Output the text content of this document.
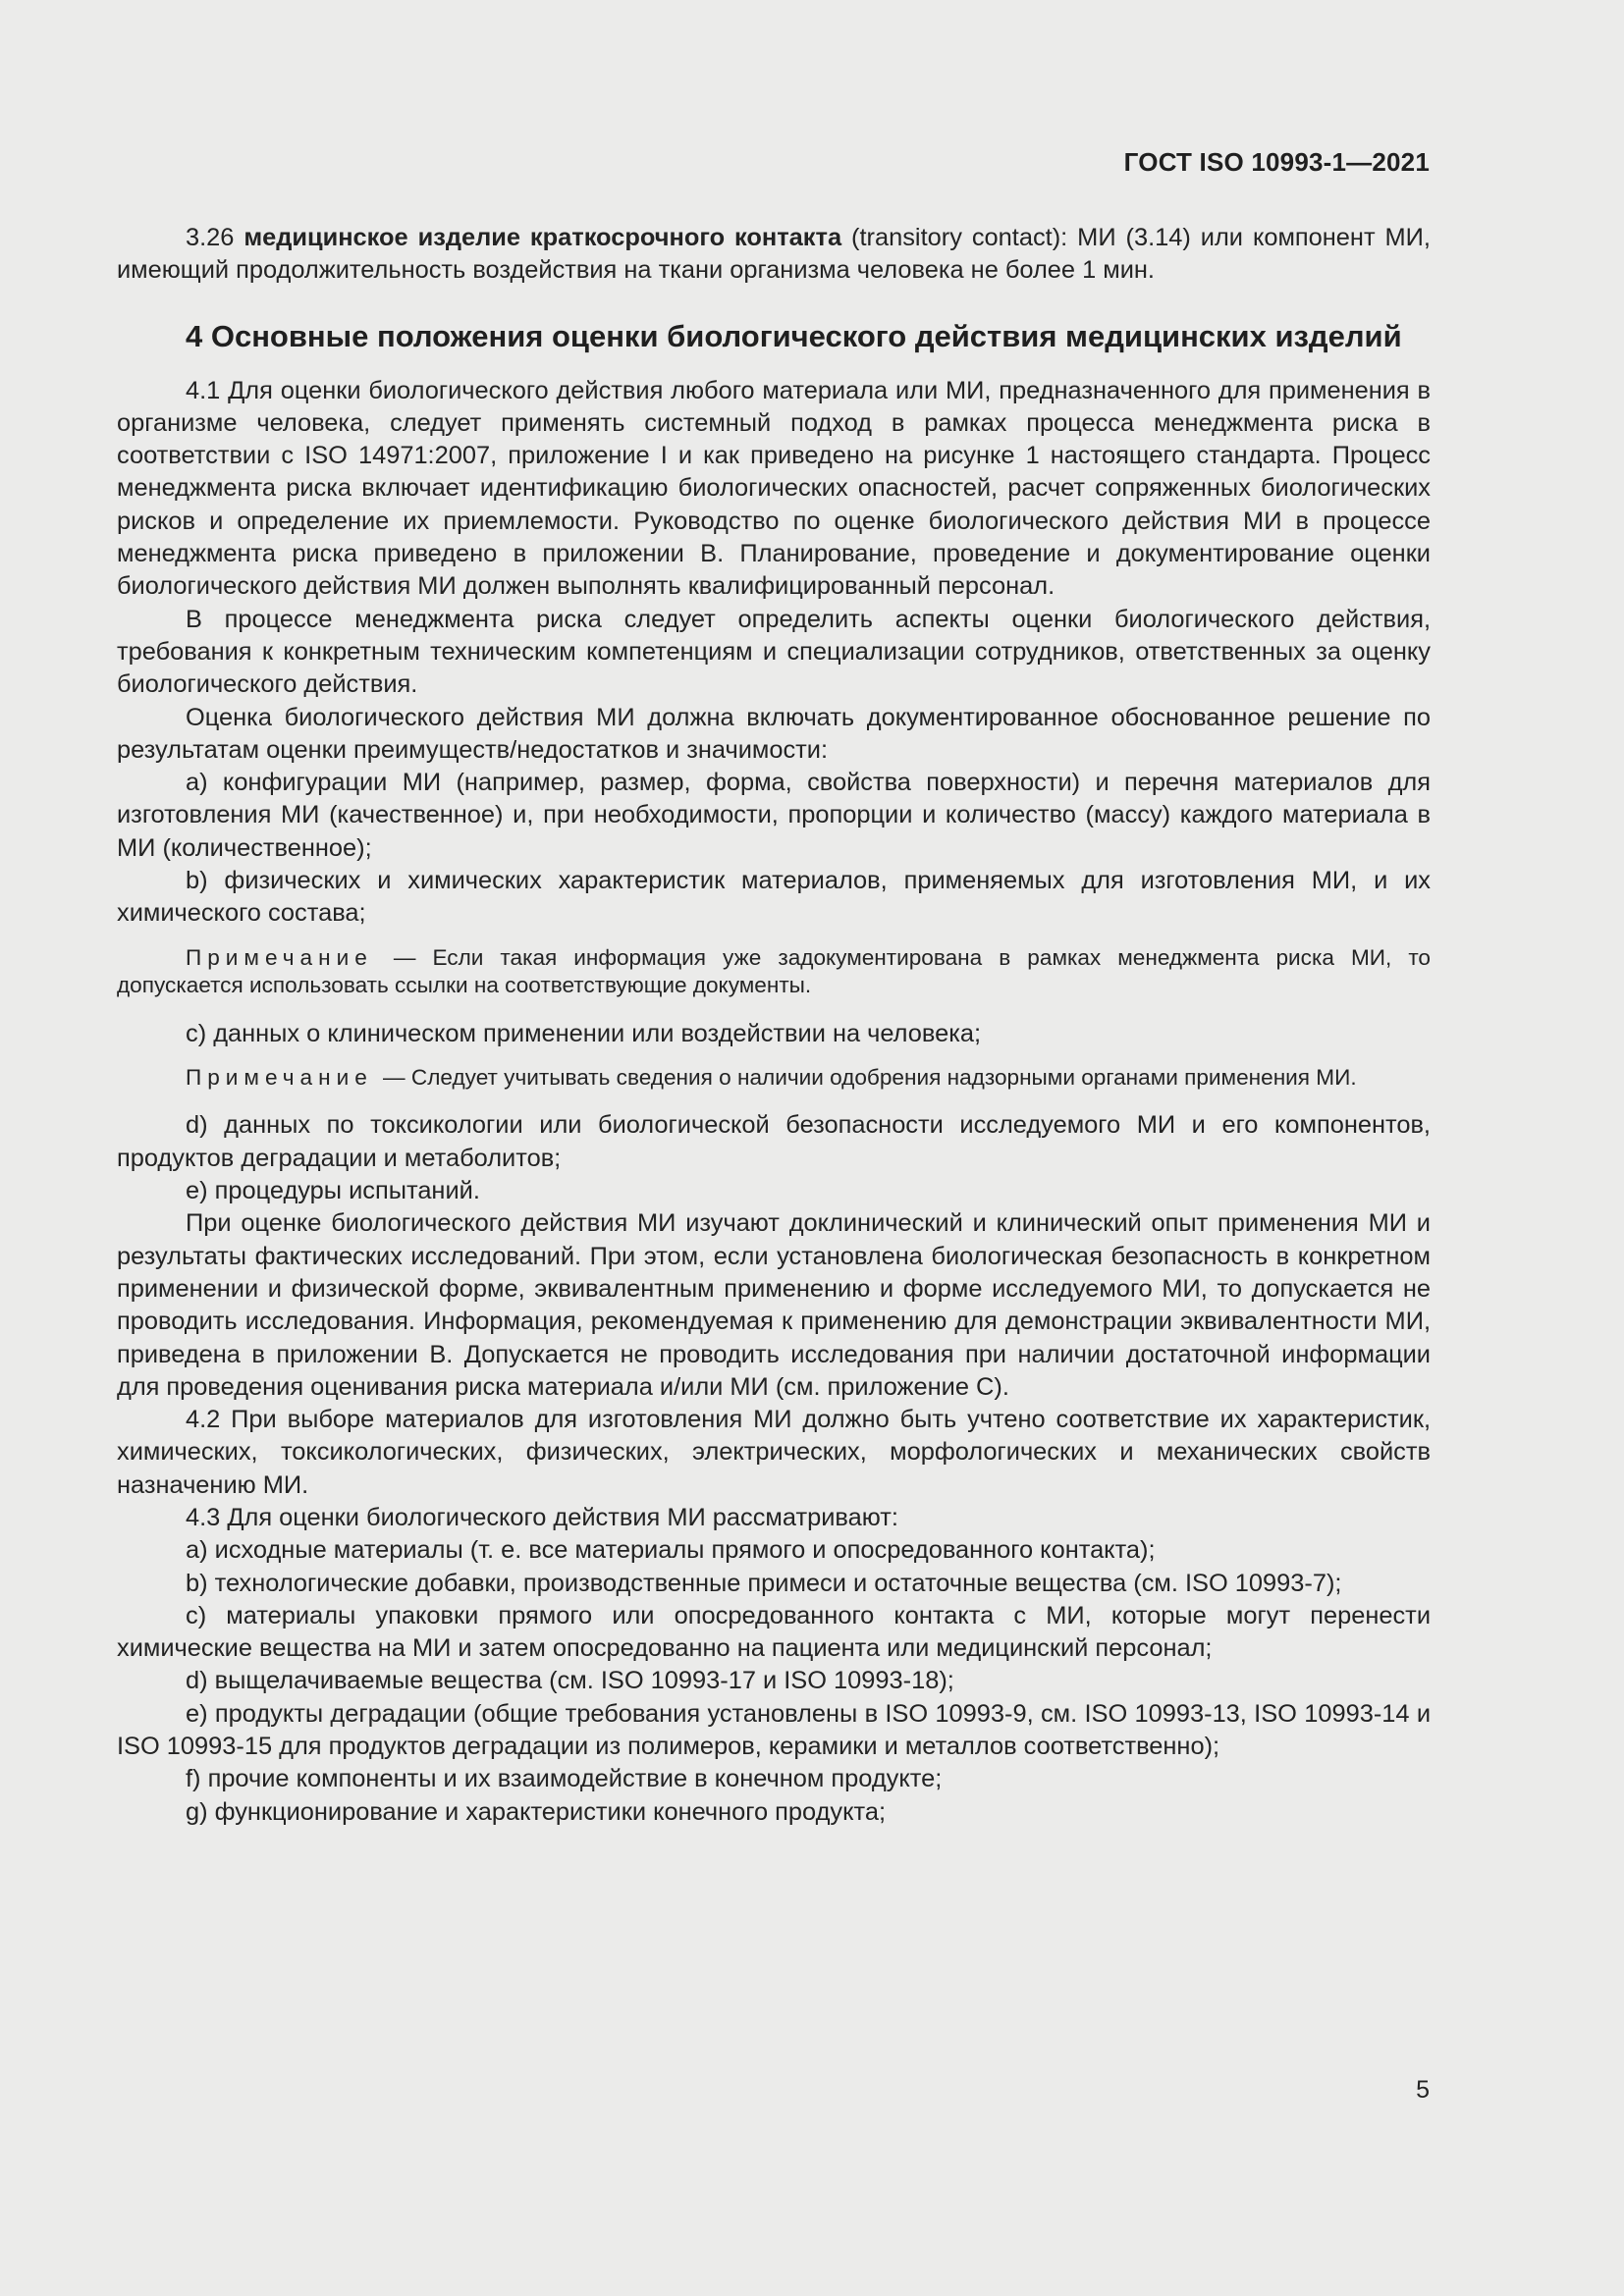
ГОСТ ISO 10993-1—2021

3.26 медицинское изделие краткосрочного контакта (transitory contact): МИ (3.14) или компонент МИ, имеющий продолжительность воздействия на ткани организма человека не более 1 мин.

4 Основные положения оценки биологического действия медицинских изделий

4.1 Для оценки биологического действия любого материала или МИ, предназначенного для применения в организме человека, следует применять системный подход в рамках процесса менеджмента риска в соответствии с ISO 14971:2007, приложение I и как приведено на рисунке 1 настоящего стандарта. Процесс менеджмента риска включает идентификацию биологических опасностей, расчет сопряженных биологических рисков и определение их приемлемости. Руководство по оценке биологического действия МИ в процессе менеджмента риска приведено в приложении В. Планирование, проведение и документирование оценки биологического действия МИ должен выполнять квалифицированный персонал.

В процессе менеджмента риска следует определить аспекты оценки биологического действия, требования к конкретным техническим компетенциям и специализации сотрудников, ответственных за оценку биологического действия.

Оценка биологического действия МИ должна включать документированное обоснованное решение по результатам оценки преимуществ/недостатков и значимости:

a) конфигурации МИ (например, размер, форма, свойства поверхности) и перечня материалов для изготовления МИ (качественное) и, при необходимости, пропорции и количество (массу) каждого материала в МИ (количественное);

b) физических и химических характеристик материалов, применяемых для изготовления МИ, и их химического состава;

Примечание — Если такая информация уже задокументирована в рамках менеджмента риска МИ, то допускается использовать ссылки на соответствующие документы.

c) данных о клиническом применении или воздействии на человека;

Примечание — Следует учитывать сведения о наличии одобрения надзорными органами применения МИ.

d) данных по токсикологии или биологической безопасности исследуемого МИ и его компонентов, продуктов деградации и метаболитов;

e) процедуры испытаний.

При оценке биологического действия МИ изучают доклинический и клинический опыт применения МИ и результаты фактических исследований. При этом, если установлена биологическая безопасность в конкретном применении и физической форме, эквивалентным применению и форме исследуемого МИ, то допускается не проводить исследования. Информация, рекомендуемая к применению для демонстрации эквивалентности МИ, приведена в приложении В. Допускается не проводить исследования при наличии достаточной информации для проведения оценивания риска материала и/или МИ (см. приложение С).

4.2 При выборе материалов для изготовления МИ должно быть учтено соответствие их характеристик, химических, токсикологических, физических, электрических, морфологических и механических свойств назначению МИ.

4.3 Для оценки биологического действия МИ рассматривают:

a) исходные материалы (т. е. все материалы прямого и опосредованного контакта);

b) технологические добавки, производственные примеси и остаточные вещества (см. ISO 10993-7);

c) материалы упаковки прямого или опосредованного контакта с МИ, которые могут перенести химические вещества на МИ и затем опосредованно на пациента или медицинский персонал;

d) выщелачиваемые вещества (см. ISO 10993-17 и ISO 10993-18);

e) продукты деградации (общие требования установлены в ISO 10993-9, см. ISO 10993-13, ISO 10993-14 и ISO 10993-15 для продуктов деградации из полимеров, керамики и металлов соответственно);

f) прочие компоненты и их взаимодействие в конечном продукте;

g) функционирование и характеристики конечного продукта;

5
